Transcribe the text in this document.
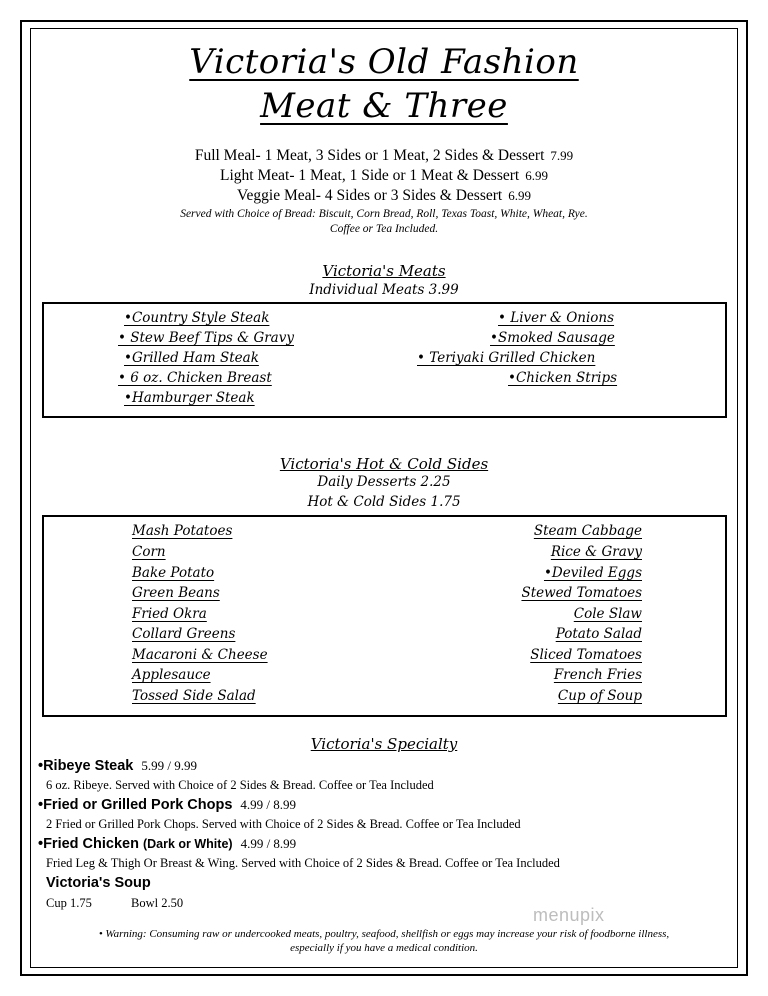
Victoria's Old Fashion
Meat & Three
Full Meal- 1 Meat, 3 Sides or 1 Meat, 2 Sides & Dessert 7.99
Light Meat- 1 Meat, 1 Side or 1 Meat & Dessert 6.99
Veggie Meal- 4 Sides or 3 Sides & Dessert 6.99
Served with Choice of Bread: Biscuit, Corn Bread, Roll, Texas Toast, White, Wheat, Rye.
Coffee or Tea Included.
Victoria's Meats
Individual Meats 3.99
•Country Style Steak
• Stew Beef Tips & Gravy
•Grilled Ham Steak
• 6 oz. Chicken Breast
•Hamburger Steak
• Liver & Onions
•Smoked Sausage
• Teriyaki Grilled Chicken
•Chicken Strips
Victoria's Hot & Cold Sides
Daily Desserts 2.25
Hot & Cold Sides 1.75
Mash Potatoes
Corn
Bake Potato
Green Beans
Fried Okra
Collard Greens
Macaroni & Cheese
Applesauce
Tossed Side Salad
Steam Cabbage
Rice & Gravy
•Deviled Eggs
Stewed Tomatoes
Cole Slaw
Potato Salad
Sliced Tomatoes
French Fries
Cup of Soup
Victoria's Specialty
•Ribeye Steak 5.99 / 9.99
6 oz. Ribeye. Served with Choice of 2 Sides & Bread. Coffee or Tea Included
•Fried or Grilled Pork Chops 4.99 / 8.99
2 Fried or Grilled Pork Chops. Served with Choice of 2 Sides & Bread. Coffee or Tea Included
•Fried Chicken (Dark or White) 4.99 / 8.99
Fried Leg & Thigh Or Breast & Wing. Served with Choice of 2 Sides & Bread. Coffee or Tea Included
Victoria's Soup
Cup 1.75	Bowl 2.50
• Warning: Consuming raw or undercooked meats, poultry, seafood, shellfish or eggs may increase your risk of foodborne illness,
especially if you have a medical condition.
menupix
